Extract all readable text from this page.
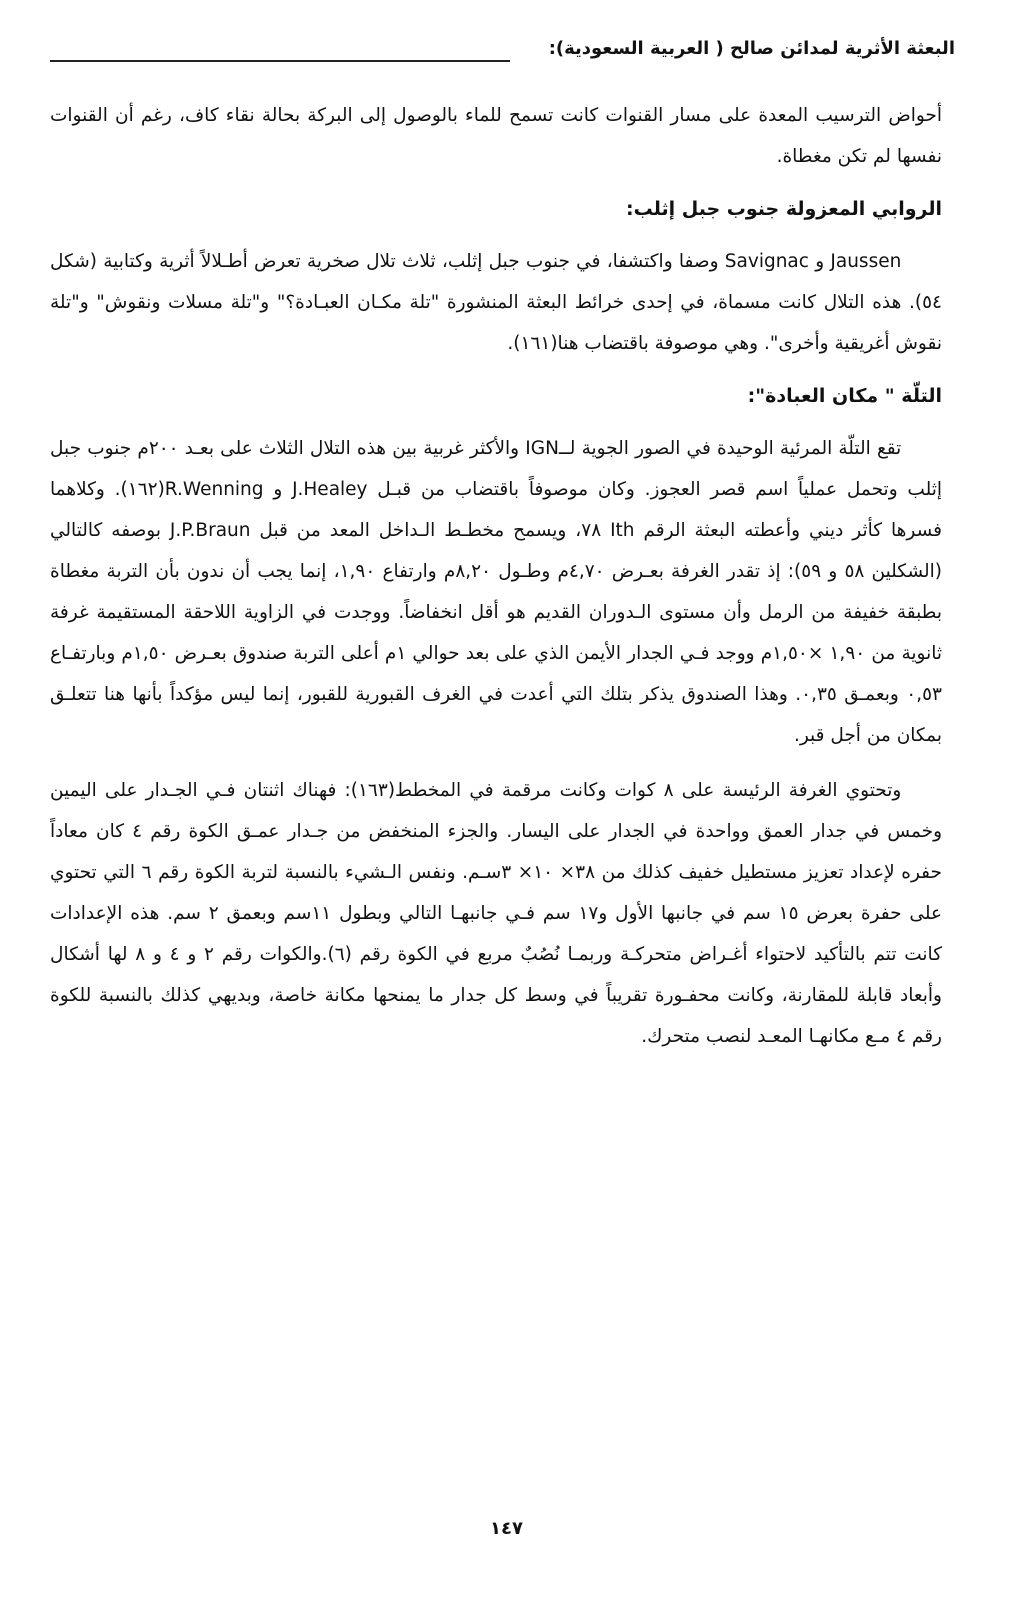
البعثة الأثرية لمدائن صالح ( العربية السعودية):

أحواض الترسيب المعدة على مسار القنوات كانت تسمح للماء بالوصول إلى البركة بحالة نقاء كاف، رغم أن القنوات نفسها لم تكن مغطاة.

الروابي المعزولة جنوب جبل إثلب:

Jaussen و Savignac وصفا واكتشفا، في جنوب جبل إثلب، ثلاث تلال صخرية تعرض أطـلالاً أثرية وكتابية (شكل ٥٤). هذه التلال كانت مسماة، في إحدى خرائط البعثة المنشورة "تلة مكـان العبـادة؟" و"تلة مسلات ونقوش" و"تلة نقوش أغريقية وأخرى". وهي موصوفة باقتضاب هنا(١٦١).

التلّة " مكان العبادة":

تقع التلّة المرئية الوحيدة في الصور الجوية لــIGN والأكثر غربية بين هذه التلال الثلاث على بعـد ٢٠٠م جنوب جبل إثلب وتحمل عملياً اسم قصر العجوز. وكان موصوفاً باقتضاب من قبـل J.Healey و R.Wenning(١٦٢). وكلاهما فسرها كأثر ديني وأعطته البعثة الرقم Ith ٧٨، ويسمح مخطـط الـداخل المعد من قبل J.P.Braun بوصفه كالتالي (الشكلين ٥٨ و ٥٩): إذ تقدر الغرفة بعـرض ٤,٧٠م وطـول ٨,٢٠م وارتفاع ١,٩٠، إنما يجب أن ندون بأن التربة مغطاة بطبقة خفيفة من الرمل وأن مستوى الـدوران القديم هو أقل انخفاضاً. ووجدت في الزاوية اللاحقة المستقيمة غرفة ثانوية من ١,٩٠ ×١,٥٠م ووجد فـي الجدار الأيمن الذي على بعد حوالي ١م أعلى التربة صندوق بعـرض ١,٥٠م وبارتفـاع ٠,٥٣ وبعمـق ٠,٣٥. وهذا الصندوق يذكر بتلك التي أعدت في الغرف القبورية للقبور، إنما ليس مؤكداً بأنها هنا تتعلـق بمكان من أجل قبر.

وتحتوي الغرفة الرئيسة على ٨ كوات وكانت مرقمة في المخطط(١٦٣): فهناك اثنتان فـي الجـدار على اليمين وخمس في جدار العمق وواحدة في الجدار على اليسار. والجزء المنخفض من جـدار عمـق الكوة رقم ٤ كان معاداً حفره لإعداد تعزيز مستطيل خفيف كذلك من ٣٨× ١٠× ٣سـم. ونفس الـشيء بالنسبة لتربة الكوة رقم ٦ التي تحتوي على حفرة بعرض ١٥ سم في جانبها الأول و١٧ سم فـي جانبهـا التالي وبطول ١١سم وبعمق ٢ سم. هذه الإعدادات كانت تتم بالتأكيد لاحتواء أغـراض متحركـة وربمـا نُصُبٌ مربع في الكوة رقم (٦).والكوات رقم ٢ و ٤ و ٨ لها أشكال وأبعاد قابلة للمقارنة، وكانت محفـورة تقريباً في وسط كل جدار ما يمنحها مكانة خاصة، وبديهي كذلك بالنسبة للكوة رقم ٤ مـع مكانهـا المعـد لنصب متحرك.

١٤٧
